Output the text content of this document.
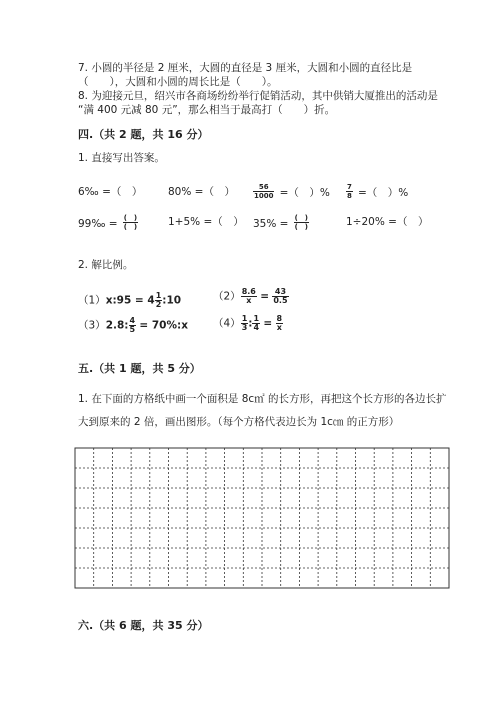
7. 小圆的半径是 2 厘米，大圆的直径是 3 厘米，大圆和小圆的直径比是
（　　），大圆和小圆的周长比是（　　）。
8. 为迎接元旦，绍兴市各商场纷纷举行促销活动，其中供销大厦推出的活动是
“满 400 元减 80 元”，那么相当于最高打（　　）折。
四.（共 2 题，共 16 分）
1. 直接写出答案。
6‰ =（　） 80% =（　）	$\frac{56}{1000}$ =（　）% $\frac{7}{8}$ =（　）%
99‰ = $\frac{( )}{( )}$	1+5% =（　） $35\% = \frac{( )}{( )}$	1÷20% =（　）
2. 解比例。
（1）x:95 = $4 \frac{1}{2}$ :10	$(2) \frac{8.6}{x} = \frac{43}{0.5}$
（3）2.8: $\frac{4}{5}$ = 70%:x $(4) \frac{1}{3}$ : $\frac{1}{4} = \frac{8}{x}$
五.（共 1 题，共 5 分）
1. 在下面的方格纸中画一个面积是 8c㎡ 的长方形，再把这个长方形的各边长扩
大到原来的 2 倍，画出图形。（每个方格代表边长为 1c㎝ 的正方形）
六.（共 6 题，共 35 分）
